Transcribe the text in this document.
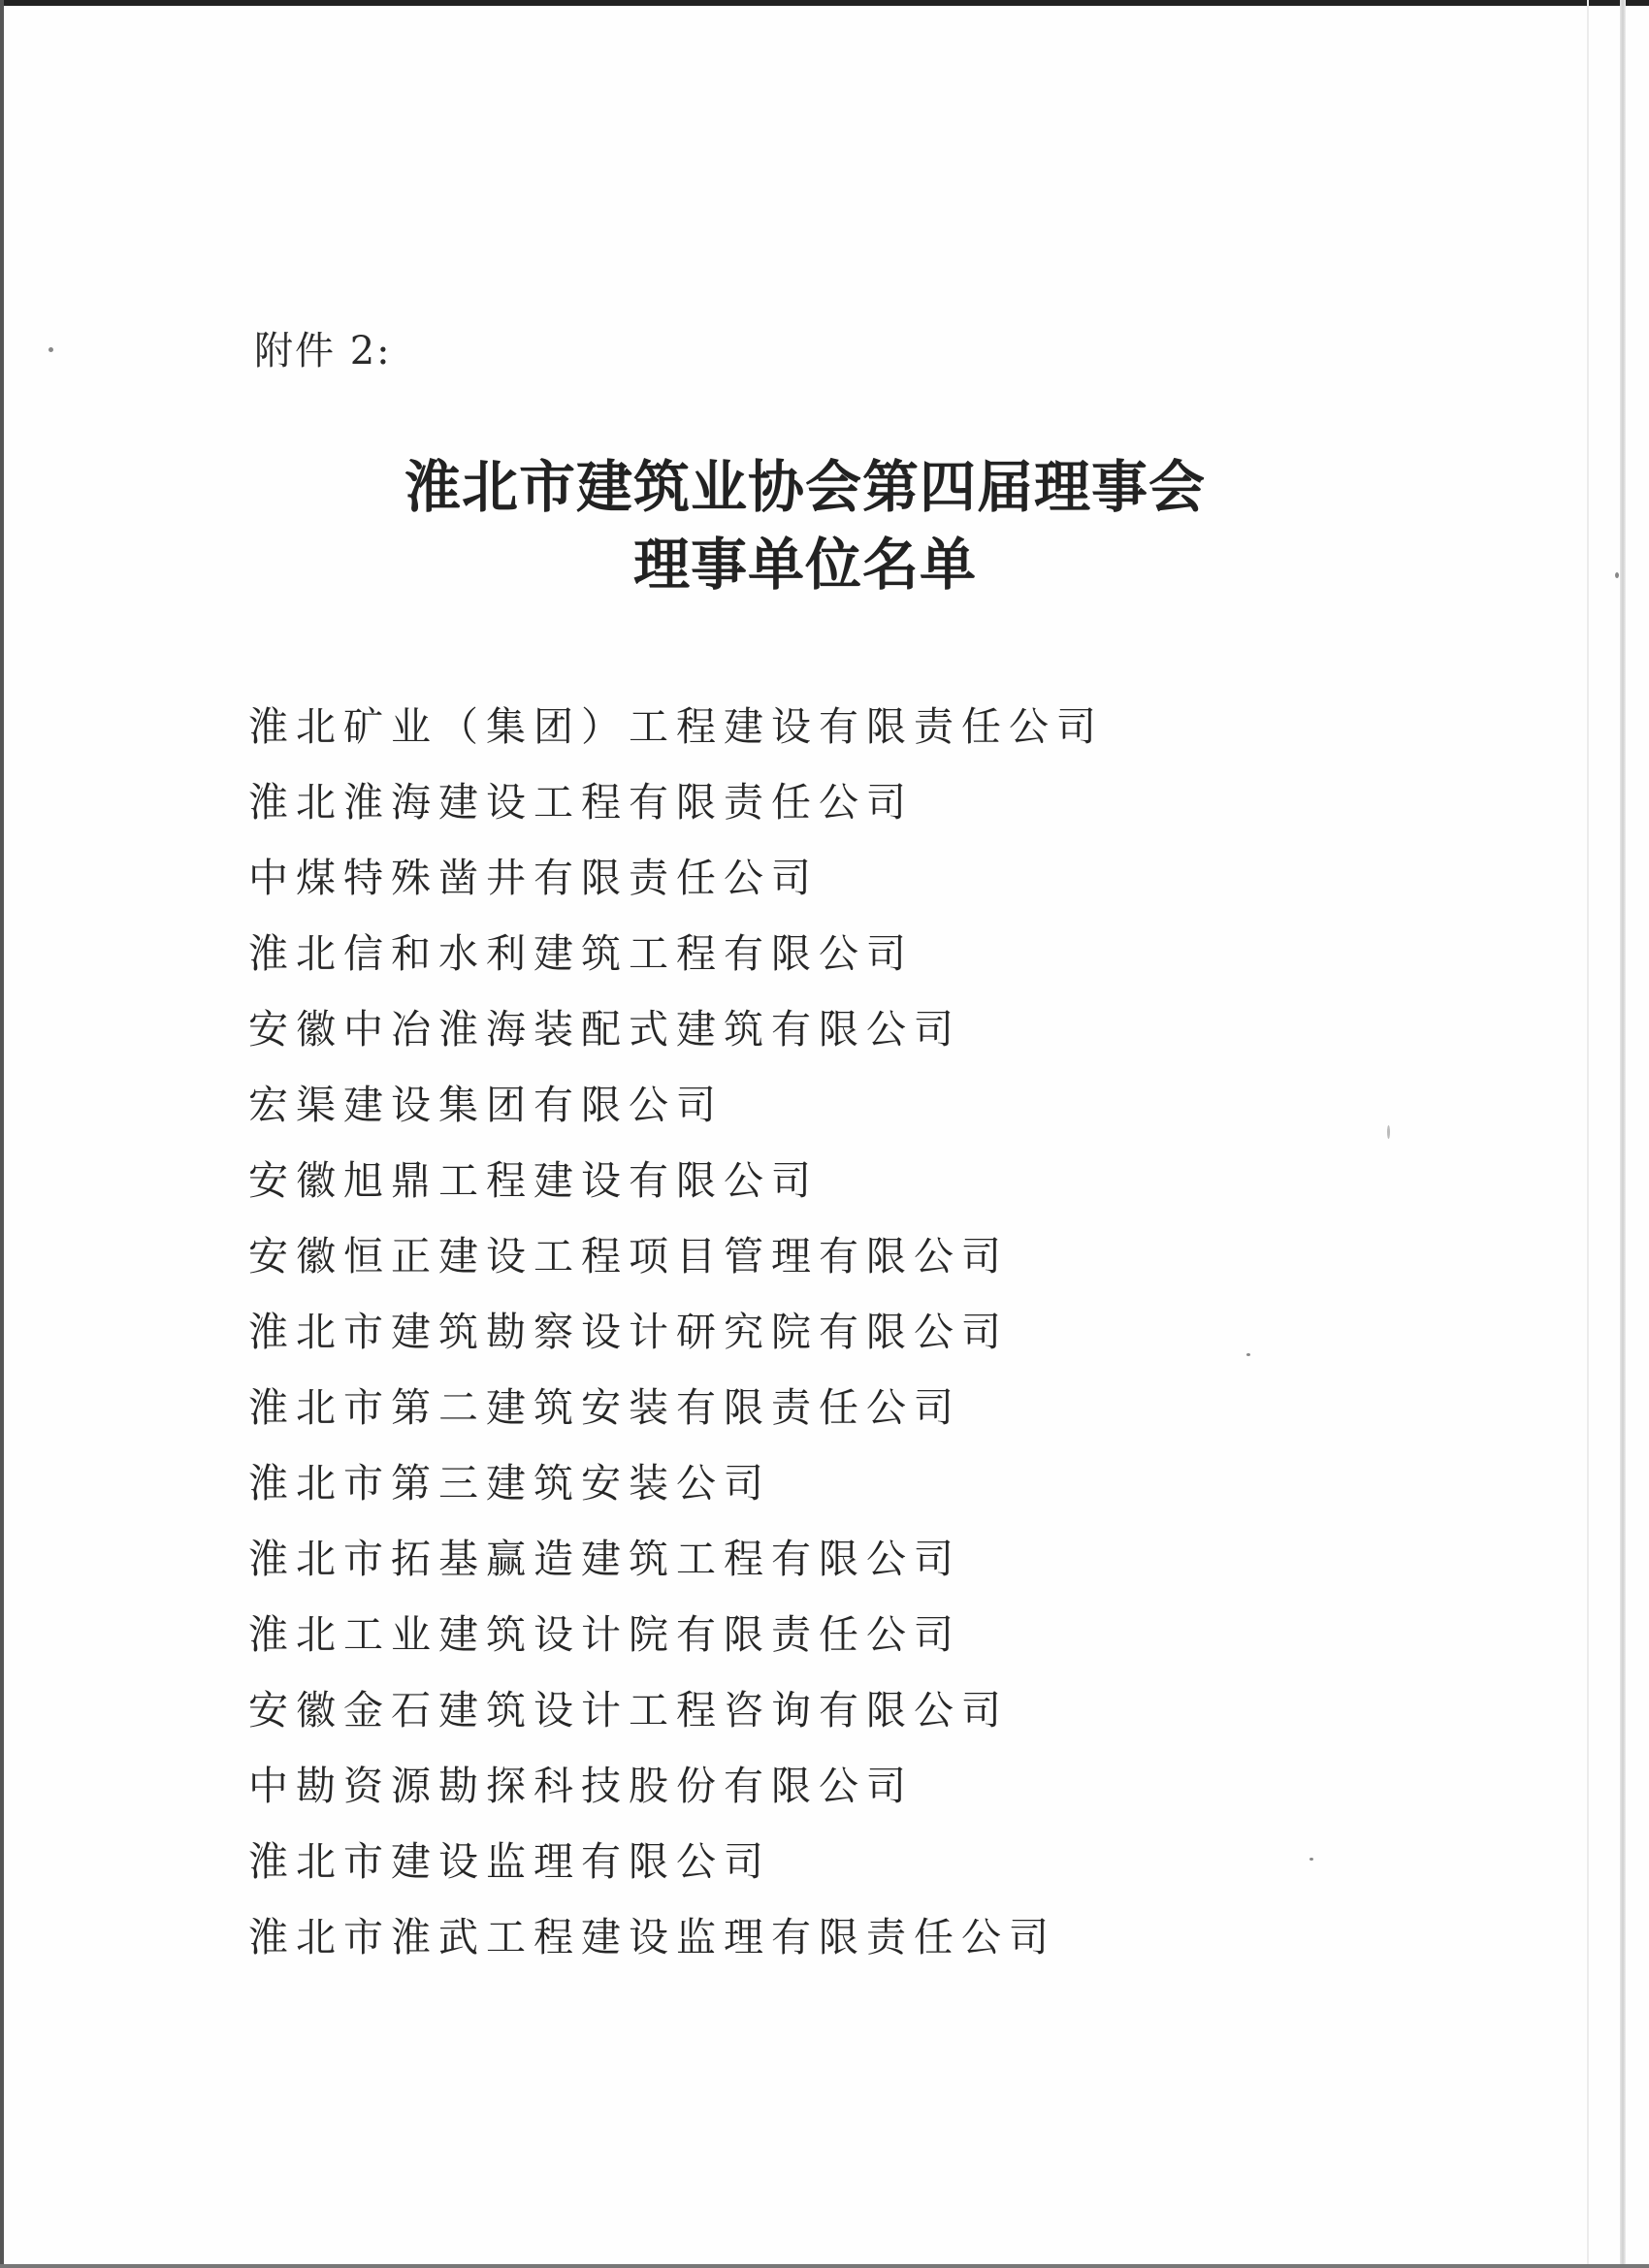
附件 2:
淮北市建筑业协会第四届理事会
理事单位名单
淮北矿业（集团）工程建设有限责任公司
淮北淮海建设工程有限责任公司
中煤特殊凿井有限责任公司
淮北信和水利建筑工程有限公司
安徽中冶淮海装配式建筑有限公司
宏渠建设集团有限公司
安徽旭鼎工程建设有限公司
安徽恒正建设工程项目管理有限公司
淮北市建筑勘察设计研究院有限公司
淮北市第二建筑安装有限责任公司
淮北市第三建筑安装公司
淮北市拓基赢造建筑工程有限公司
淮北工业建筑设计院有限责任公司
安徽金石建筑设计工程咨询有限公司
中勘资源勘探科技股份有限公司
淮北市建设监理有限公司
淮北市淮武工程建设监理有限责任公司
